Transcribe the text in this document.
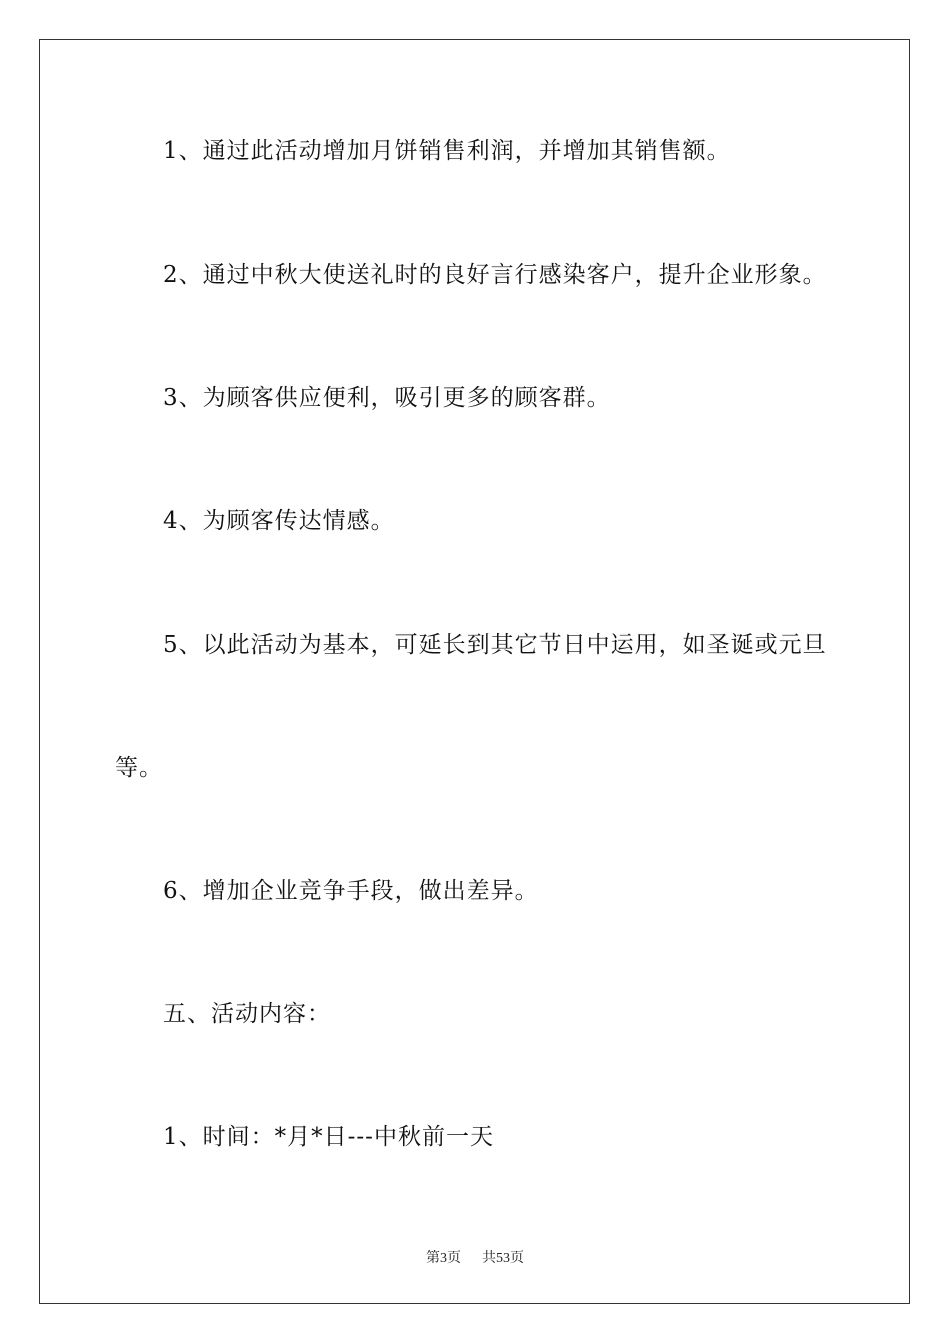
1、通过此活动增加月饼销售利润，并增加其销售额。
2、通过中秋大使送礼时的良好言行感染客户，提升企业形象。
3、为顾客供应便利，吸引更多的顾客群。
4、为顾客传达情感。
5、以此活动为基本，可延长到其它节日中运用，如圣诞或元旦
等。
6、增加企业竞争手段，做出差异。
五、活动内容：
1、时间：*月*日---中秋前一天
第3页 共53页
